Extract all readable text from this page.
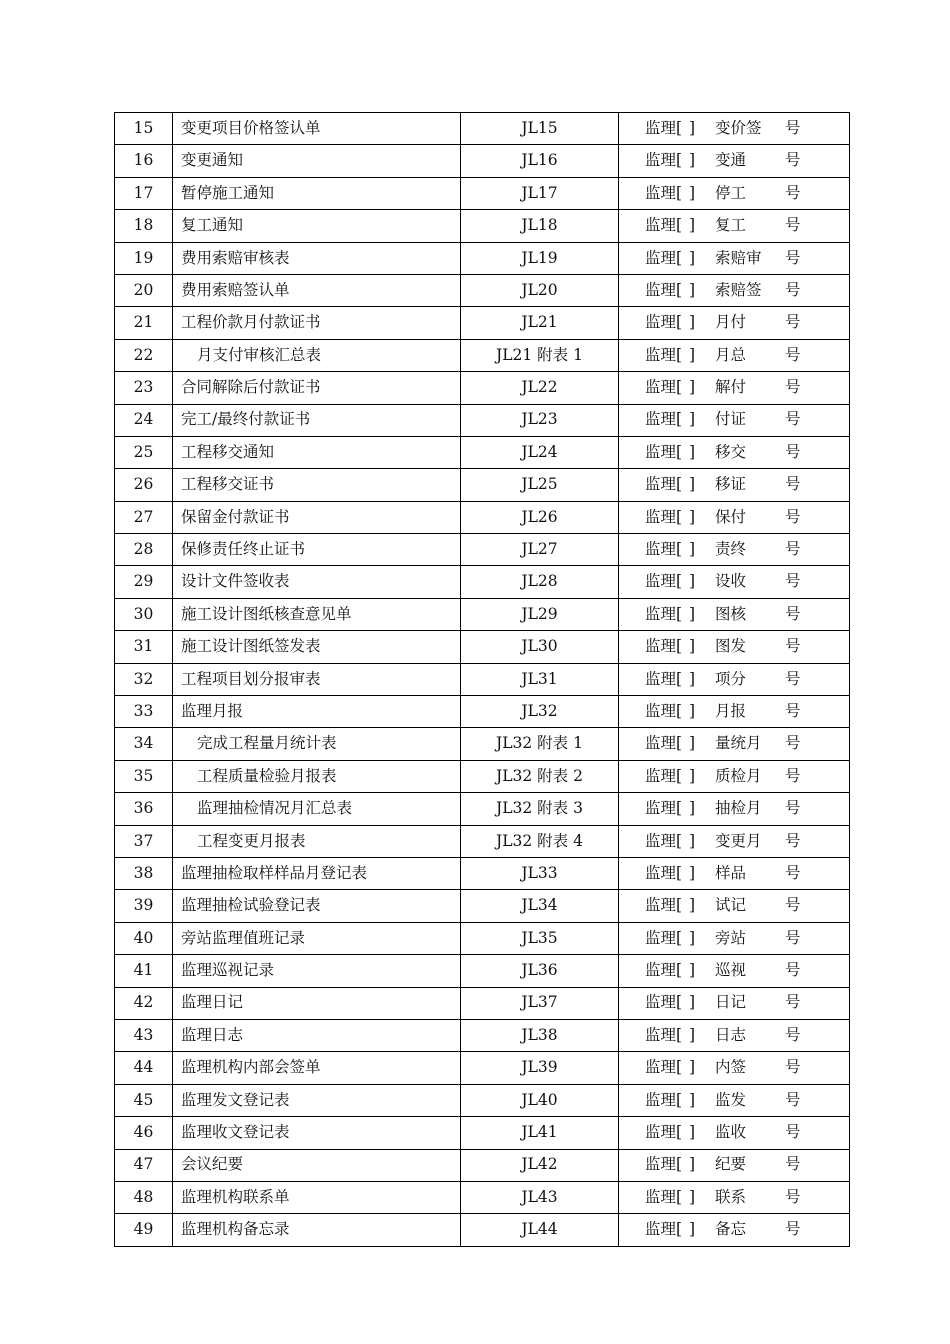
15	变更项目价格签认单	JL15	监理[ ] 变价签 号
16	变更通知	JL16	监理[ ] 变通 号
17	暂停施工通知	JL17	监理[ ] 停工 号
18	复工通知	JL18	监理[ ] 复工 号
19	费用索赔审核表	JL19	监理[ ] 索赔审 号
20	费用索赔签认单	JL20	监理[ ] 索赔签 号
21	工程价款月付款证书	JL21	监理[ ] 月付 号
22	月支付审核汇总表	JL21 附表 1	监理[ ] 月总 号
23	合同解除后付款证书	JL22	监理[ ] 解付 号
24	完工/最终付款证书	JL23	监理[ ] 付证 号
25	工程移交通知	JL24	监理[ ] 移交 号
26	工程移交证书	JL25	监理[ ] 移证 号
27	保留金付款证书	JL26	监理[ ] 保付 号
28	保修责任终止证书	JL27	监理[ ] 责终 号
29	设计文件签收表	JL28	监理[ ] 设收 号
30	施工设计图纸核查意见单	JL29	监理[ ] 图核 号
31	施工设计图纸签发表	JL30	监理[ ] 图发 号
32	工程项目划分报审表	JL31	监理[ ] 项分 号
33	监理月报	JL32	监理[ ] 月报 号
34	完成工程量月统计表	JL32 附表 1	监理[ ] 量统月 号
35	工程质量检验月报表	JL32 附表 2	监理[ ] 质检月 号
36	监理抽检情况月汇总表	JL32 附表 3	监理[ ] 抽检月 号
37	工程变更月报表	JL32 附表 4	监理[ ] 变更月 号
38	监理抽检取样样品月登记表	JL33	监理[ ] 样品 号
39	监理抽检试验登记表	JL34	监理[ ] 试记 号
40	旁站监理值班记录	JL35	监理[ ] 旁站 号
41	监理巡视记录	JL36	监理[ ] 巡视 号
42	监理日记	JL37	监理[ ] 日记 号
43	监理日志	JL38	监理[ ] 日志 号
44	监理机构内部会签单	JL39	监理[ ] 内签 号
45	监理发文登记表	JL40	监理[ ] 监发 号
46	监理收文登记表	JL41	监理[ ] 监收 号
47	会议纪要	JL42	监理[ ] 纪要 号
48	监理机构联系单	JL43	监理[ ] 联系 号
49	监理机构备忘录	JL44	监理[ ] 备忘 号
